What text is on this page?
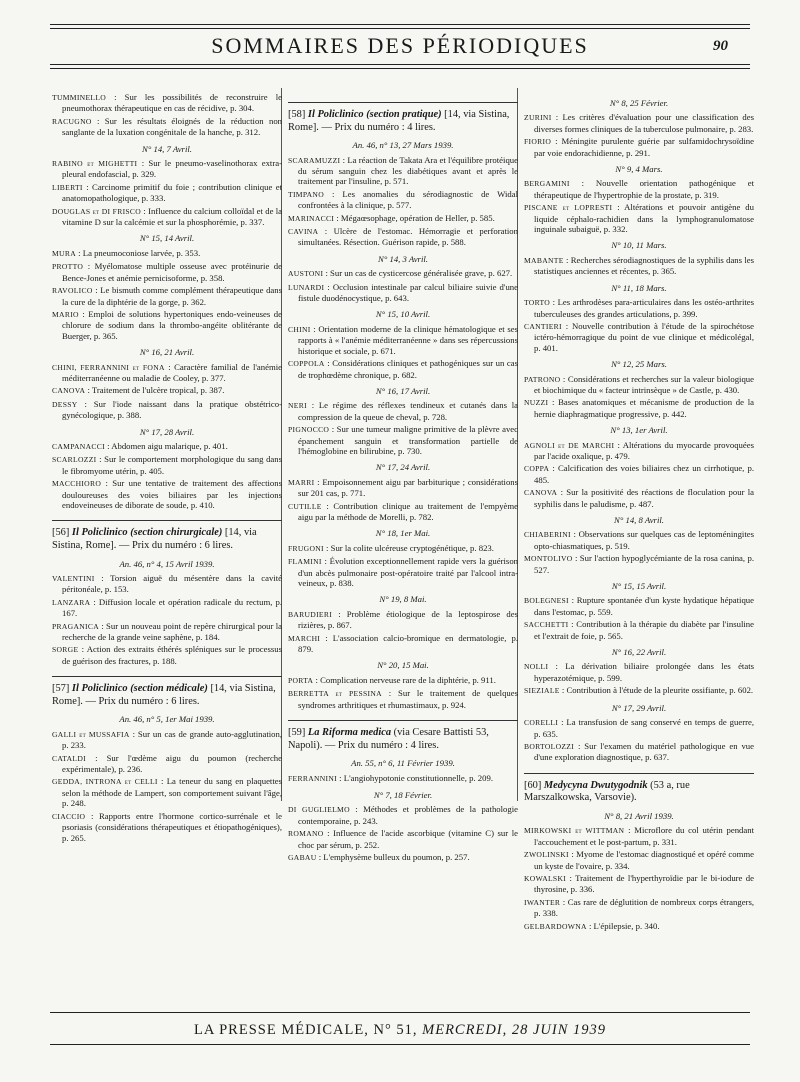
SOMMAIRES DES PÉRIODIQUES	90
TUMMINELLO : Sur les possibilités de reconstruire le pneumothorax thérapeutique en cas de récidive, p. 304.
RACUGNO : Sur les résultats éloignés de la réduction non sanglante de la luxation congénitale de la hanche, p. 312.
N° 14, 7 Avril.
RABINO et MIGHETTI : Sur le pneumo-vaselinothorax extra-pleural endofascial, p. 329.
LIBERTI : Carcinome primitif du foie ; contribution clinique et anatomopathologique, p. 333.
DOUGLAS et DI FRISCO : Influence du calcium colloïdal et de la vitamine D sur la calcémie et sur la phosphorémie, p. 337.
N° 15, 14 Avril.
MURA : La pneumoconiose larvée, p. 353.
PROTTO : Myélomatose multiple osseuse avec protéinurie de Bence-Jones et anémie pernicisoforme, p. 358.
RAVOLICO : Le bismuth comme complément thérapeutique dans la cure de la diphtérie de la gorge, p. 362.
MARIO : Emploi de solutions hypertoniques endo-veineuses de chlorure de sodium dans la thrombo-angéite oblitérante de Buerger, p. 365.
N° 16, 21 Avril.
CHINI, FERRANNINI et FONA : Caractère familial de l'anémie méditerranéenne ou maladie de Cooley, p. 377.
CANOVA : Traitement de l'ulcère tropical, p. 387.
DESSY : Sur l'iode naissant dans la pratique obstétrico-gynécologique, p. 388.
N° 17, 28 Avril.
CAMPANACCI : Abdomen aigu malarique, p. 401.
SCARLOZZI : Sur le comportement morphologique du sang dans le fibromyome utérin, p. 405.
MACCHIORO : Sur une tentative de traitement des affections douloureuses des voies biliaires par les injections endoveineuses de diborate de soude, p. 410.
[56] Il Policlinico (section chirurgicale) [14, via Sistina, Rome]. — Prix du numéro : 6 lires.
An. 46, n° 4, 15 Avril 1939.
VALENTINI : Torsion aiguë du mésentère dans la cavité péritonéale, p. 153.
LANZARA : Diffusion locale et opération radicale du rectum, p. 167.
PRAGANICA : Sur un nouveau point de repère chirurgical pour la recherche de la grande veine saphène, p. 184.
SORGE : Action des extraits éthérés spléniques sur le processus de guérison des fractures, p. 188.
[57] Il Policlinico (section médicale) [14, via Sistina, Rome]. — Prix du numéro : 6 lires.
An. 46, n° 5, 1er Mai 1939.
GALLI et MUSSAFIA : Sur un cas de grande auto-agglutination, p. 233.
CATALDI : Sur l'œdème aigu du poumon (recherche expérimentale), p. 236.
GEDDA, INTRONA et CELLI : La teneur du sang en plaquettes selon la méthode de Lampert, son comportement suivant l'âge, p. 248.
CIACCIO : Rapports entre l'hormone cortico-surrénale et le psoriasis (considérations thérapeutiques et étiopathogéniques), p. 265.
[58] Il Policlinico (section pratique) [14, via Sistina, Rome]. — Prix du numéro : 4 lires.
An. 46, n° 13, 27 Mars 1939.
SCARAMUZZI : La réaction de Takata Ara et l'équilibre protéique du sérum sanguin chez les diabétiques avant et après le traitement par l'insuline, p. 571.
TIMPANO : Les anomalies du sérodiagnostic de Widal confrontées à la clinique, p. 577.
MARINACCI : Mégaœsophage, opération de Heller, p. 585.
CAVINA : Ulcère de l'estomac. Hémorragie et perforation simultanées. Résection. Guérison rapide, p. 588.
N° 14, 3 Avril.
AUSTONI : Sur un cas de cysticercose généralisée grave, p. 627.
LUNARDI : Occlusion intestinale par calcul biliaire suivie d'une fistule duodénocystique, p. 643.
N° 15, 10 Avril.
CHINI : Orientation moderne de la clinique hématologique et ses rapports à « l'anémie méditerranéenne » dans ses répercussions historique et sociale, p. 671.
COPPOLA : Considérations cliniques et pathogéniques sur un cas de trophœdème chronique, p. 682.
N° 16, 17 Avril.
NERI : Le régime des réflexes tendineux et cutanés dans la compression de la queue de cheval, p. 728.
PIGNOCCO : Sur une tumeur maligne primitive de la plèvre avec épanchement sanguin et transformation partielle de l'hémoglobine en bilirubine, p. 730.
N° 17, 24 Avril.
MARRI : Empoisonnement aigu par barbiturique ; considérations sur 201 cas, p. 771.
CUTILLE : Contribution clinique au traitement de l'empyème aigu par la méthode de Morelli, p. 782.
N° 18, 1er Mai.
FRUGONI : Sur la colite ulcéreuse cryptogénétique, p. 823.
FLAMINI : Évolution exceptionnellement rapide vers la guérison d'un abcès pulmonaire post-opératoire traité par l'alcool intra-veineux, p. 838.
N° 19, 8 Mai.
BARUDIERI : Problème étiologique de la leptospirose des rizières, p. 867.
MARCHI : L'association calcio-bromique en dermatologie, p. 879.
N° 20, 15 Mai.
PORTA : Complication nerveuse rare de la diphtérie, p. 911.
BERRETTA et PESSINA : Sur le traitement de quelques syndromes arthritiques et rhumastimaux, p. 924.
[59] La Riforma medica (via Cesare Battisti 53, Napoli). — Prix du numéro : 4 lires.
An. 55, n° 6, 11 Février 1939.
FERRANNINI : L'angiohypotonie constitutionnelle, p. 209.
N° 7, 18 Février.
DI GUGLIELMO : Méthodes et problèmes de la pathologie contemporaine, p. 243.
ROMANO : Influence de l'acide ascorbique (vitamine C) sur le choc par sérum, p. 252.
GABAU : L'emphysème bulleux du poumon, p. 257.
N° 8, 25 Février.
ZURINI : Les critères d'évaluation pour une classification des diverses formes cliniques de la tuberculose pulmonaire, p. 283.
FIORIO : Méningite purulente guérie par sulfamidochrysoïdine par voie endorachidienne, p. 291.
N° 9, 4 Mars.
BERGAMINI : Nouvelle orientation pathogénique et thérapeutique de l'hypertrophie de la prostate, p. 319.
PISCANE et LOPRESTI : Altérations et pouvoir antigène du liquide céphalo-rachidien dans la lymphogranulomatose inguinale subaiguë, p. 332.
N° 10, 11 Mars.
MABANTE : Recherches sérodiagnostiques de la syphilis dans les statistiques anciennes et récentes, p. 365.
N° 11, 18 Mars.
TORTO : Les arthrodèses para-articulaires dans les ostéo-arthrites tuberculeuses des grandes articulations, p. 399.
CANTIERI : Nouvelle contribution à l'étude de la spirochétose ictéro-hémorragique du point de vue clinique et médicolégal, p. 401.
N° 12, 25 Mars.
PATRONO : Considérations et recherches sur la valeur biologique et biochimique du « facteur intrinsèque » de Castle, p. 430.
NUZZI : Bases anatomiques et mécanisme de production de la hernie diaphragmatique progressive, p. 442.
N° 13, 1er Avril.
AGNOLI et DE MARCHI : Altérations du myocarde provoquées par l'acide oxalique, p. 479.
COPPA : Calcification des voies biliaires chez un cirrhotique, p. 485.
CANOVA : Sur la positivité des réactions de floculation pour la syphilis dans le paludisme, p. 487.
N° 14, 8 Avril.
CHIABERINI : Observations sur quelques cas de leptoméningites opto-chiasmatiques, p. 519.
MONTOLIVO : Sur l'action hypoglycémiante de la rosa canina, p. 527.
N° 15, 15 Avril.
BOLEGNESI : Rupture spontanée d'un kyste hydatique hépatique dans l'estomac, p. 559.
SACCHETTI : Contribution à la thérapie du diabète par l'insuline et l'extrait de foie, p. 565.
N° 16, 22 Avril.
NOLLI : La dérivation biliaire prolongée dans les états hyperazotémique, p. 599.
SIEZIALE : Contribution à l'étude de la pleurite ossifiante, p. 602.
N° 17, 29 Avril.
CORELLI : La transfusion de sang conservé en temps de guerre, p. 635.
BORTOLOZZI : Sur l'examen du matériel pathologique en vue d'une exploration diagnostique, p. 637.
[60] Medycyna Dwutygodnik (53 a, rue Marszalkowska, Varsovie).
N° 8, 21 Avril 1939.
MIRKOWSKI et WITTMAN : Microflore du col utérin pendant l'accouchement et le post-partum, p. 331.
ZWOLINSKI : Myome de l'estomac diagnostiqué et opéré comme un kyste de l'ovaire, p. 334.
KOWALSKI : Traitement de l'hyperthyroïdie par le bi-iodure de thyrosine, p. 336.
IWANTER : Cas rare de déglutition de nombreux corps étrangers, p. 338.
GELBARDOWNA : L'épilepsie, p. 340.
LA PRESSE MÉDICALE, N° 51, MERCREDI, 28 JUIN 1939
